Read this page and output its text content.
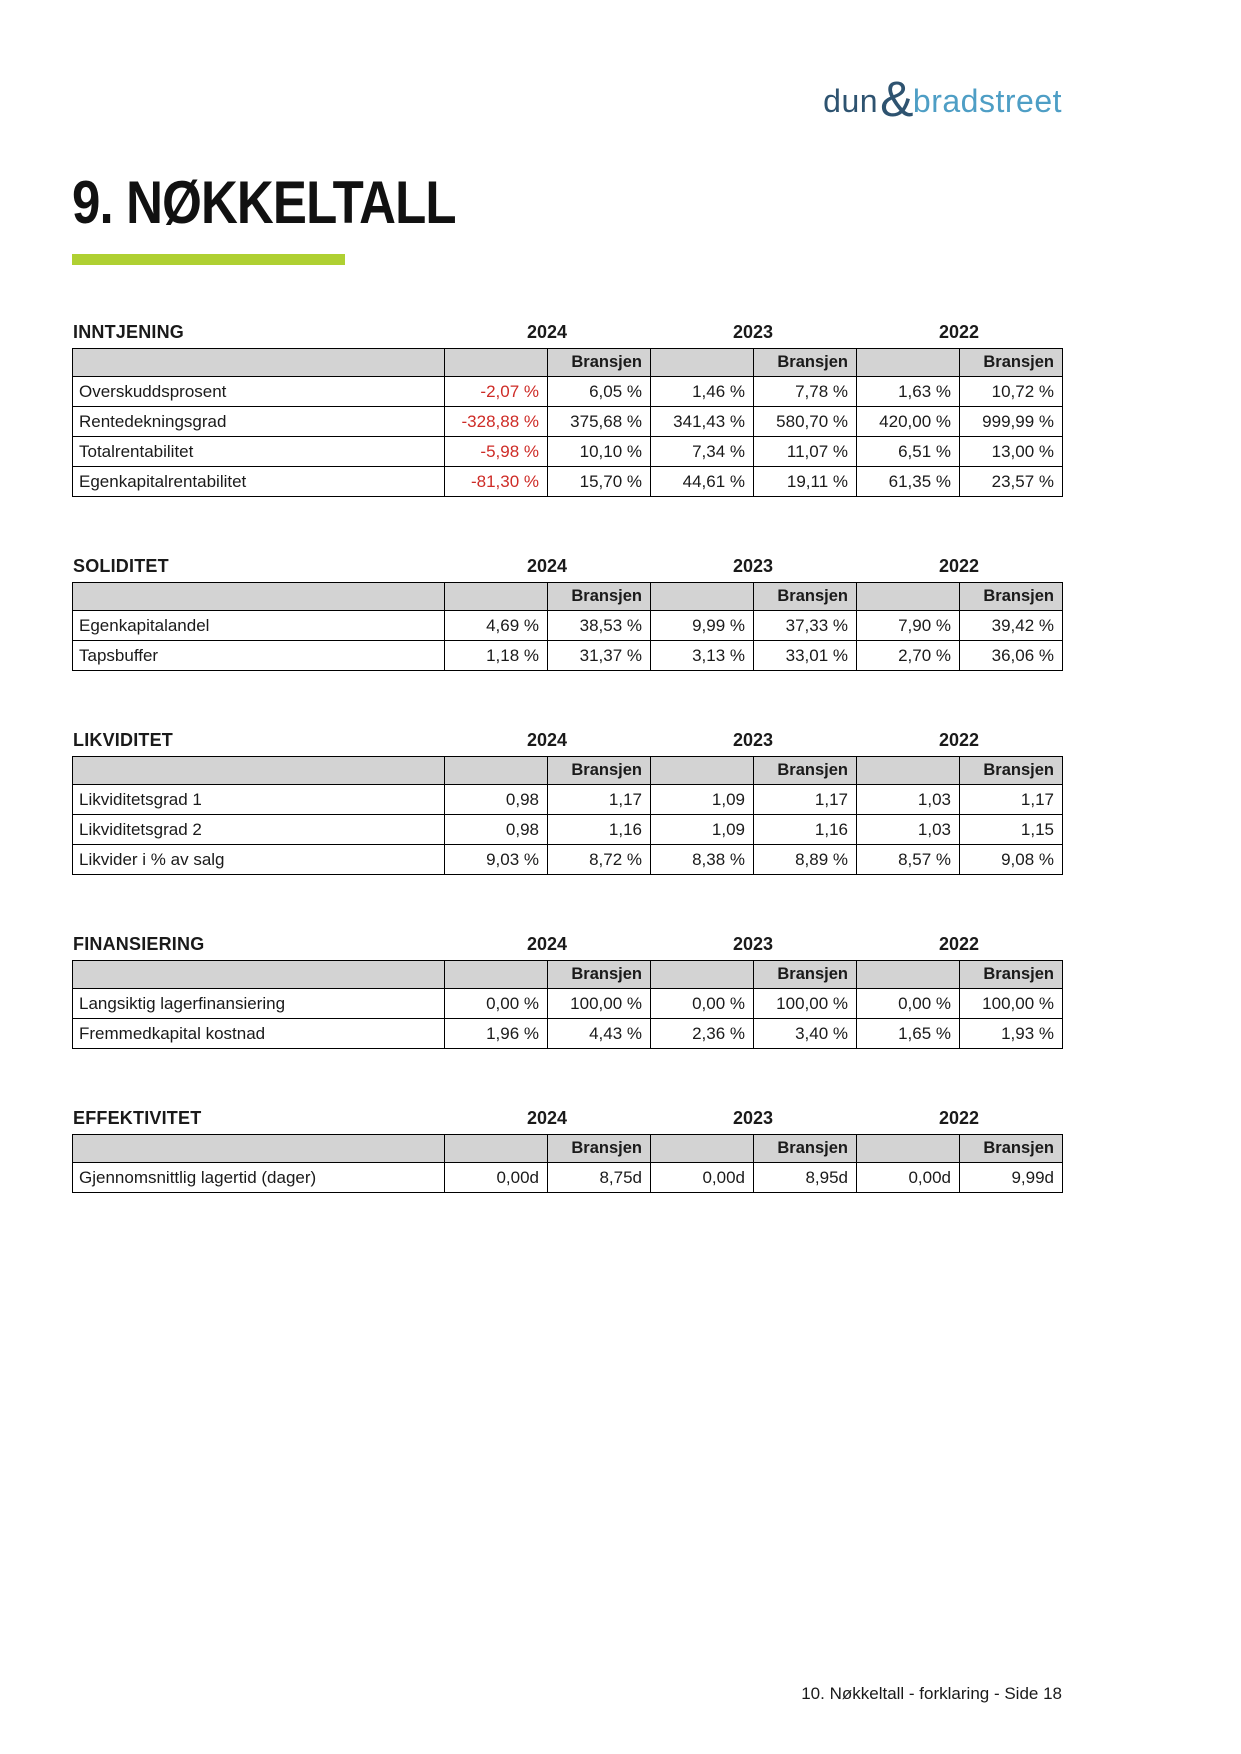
dun & bradstreet
9. NØKKELTALL
INNTJENING	2024	2023	2022
		Bransjen		Bransjen		Bransjen
Overskuddsprosent	-2,07 %	6,05 %	1,46 %	7,78 %	1,63 %	10,72 %
Rentedekningsgrad	-328,88 %	375,68 %	341,43 %	580,70 %	420,00 %	999,99 %
Totalrentabilitet	-5,98 %	10,10 %	7,34 %	11,07 %	6,51 %	13,00 %
Egenkapitalrentabilitet	-81,30 %	15,70 %	44,61 %	19,11 %	61,35 %	23,57 %
SOLIDITET	2024	2023	2022
		Bransjen		Bransjen		Bransjen
Egenkapitalandel	4,69 %	38,53 %	9,99 %	37,33 %	7,90 %	39,42 %
Tapsbuffer	1,18 %	31,37 %	3,13 %	33,01 %	2,70 %	36,06 %
LIKVIDITET	2024	2023	2022
		Bransjen		Bransjen		Bransjen
Likviditetsgrad 1	0,98	1,17	1,09	1,17	1,03	1,17
Likviditetsgrad 2	0,98	1,16	1,09	1,16	1,03	1,15
Likvider i % av salg	9,03 %	8,72 %	8,38 %	8,89 %	8,57 %	9,08 %
FINANSIERING	2024	2023	2022
		Bransjen		Bransjen		Bransjen
Langsiktig lagerfinansiering	0,00 %	100,00 %	0,00 %	100,00 %	0,00 %	100,00 %
Fremmedkapital kostnad	1,96 %	4,43 %	2,36 %	3,40 %	1,65 %	1,93 %
EFFEKTIVITET	2024	2023	2022
		Bransjen		Bransjen		Bransjen
Gjennomsnittlig lagertid (dager)	0,00d	8,75d	0,00d	8,95d	0,00d	9,99d
10. Nøkkeltall - forklaring - Side 18
